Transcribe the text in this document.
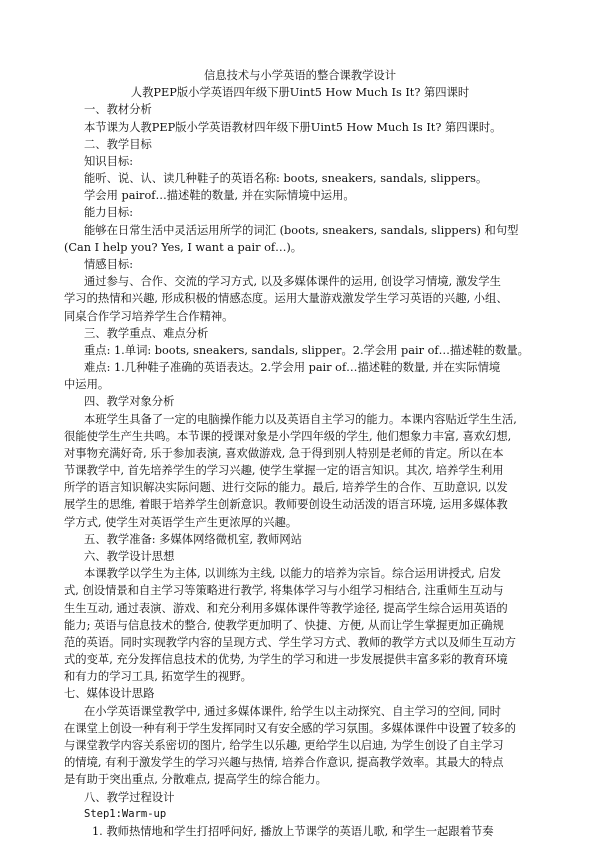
信息技术与小学英语的整合课教学设计
人教PEP版小学英语四年级下册Uint5 How Much Is It? 第四课时
一、教材分析
本节课为人教PEP版小学英语教材四年级下册Uint5 How Much Is It? 第四课时。
二、教学目标
知识目标:
能听、说、认、读几种鞋子的英语名称: boots, sneakers, sandals, slippers。
学会用 pairof…描述鞋的数量, 并在实际情境中运用。
能力目标:
能够在日常生活中灵活运用所学的词汇 (boots, sneakers, sandals, slippers) 和句型
(Can I help you? Yes, I want a pair of…)。
情感目标:
通过参与、合作、交流的学习方式, 以及多媒体课件的运用, 创设学习情境, 激发学生
学习的热情和兴趣, 形成积极的情感态度。运用大量游戏激发学生学习英语的兴趣, 小组、
同桌合作学习培养学生合作精神。
三、教学重点、难点分析
重点: 1.单词: boots, sneakers, sandals, slipper。2.学会用 pair of…描述鞋的数量。
难点: 1.几种鞋子准确的英语表达。2.学会用 pair of…描述鞋的数量, 并在实际情境
中运用。
四、教学对象分析
本班学生具备了一定的电脑操作能力以及英语自主学习的能力。本课内容贴近学生生活,
很能使学生产生共鸣。本节课的授课对象是小学四年级的学生, 他们想象力丰富, 喜欢幻想,
对事物充满好奇, 乐于参加表演, 喜欢做游戏, 急于得到别人特别是老师的肯定。所以在本
节课教学中, 首先培养学生的学习兴趣, 使学生掌握一定的语言知识。其次, 培养学生利用
所学的语言知识解决实际问题、进行交际的能力。最后, 培养学生的合作、互助意识, 以发
展学生的思维, 着眼于培养学生创新意识。教师要创设生动活泼的语言环境, 运用多媒体教
学方式, 使学生对英语学生产生更浓厚的兴趣。
五、教学准备: 多媒体网络微机室, 教师网站
六、教学设计思想
本课教学以学生为主体, 以训练为主线, 以能力的培养为宗旨。综合运用讲授式, 启发
式, 创设情景和自主学习等策略进行教学, 将集体学习与小组学习相结合, 注重师生互动与
生生互动, 通过表演、游戏、和充分利用多媒体课件等教学途径, 提高学生综合运用英语的
能力; 英语与信息技术的整合, 使教学更加明了、快捷、方便, 从而让学生掌握更加正确规
范的英语。同时实现教学内容的呈现方式、学生学习方式、教师的教学方式以及师生互动方
式的变革, 充分发挥信息技术的优势, 为学生的学习和进一步发展提供丰富多彩的教育环境
和有力的学习工具, 拓宽学生的视野。
七、媒体设计思路
在小学英语课堂教学中, 通过多媒体课件, 给学生以主动探究、自主学习的空间, 同时
在课堂上创设一种有利于学生发挥同时又有安全感的学习氛围。多媒体课件中设置了较多的
与课堂教学内容关系密切的图片, 给学生以乐趣, 更给学生以启迪, 为学生创设了自主学习
的情境, 有利于激发学生的学习兴趣与热情, 培养合作意识, 提高教学效率。其最大的特点
是有助于突出重点, 分散难点, 提高学生的综合能力。
八、教学过程设计
Step1:Warm-up
1. 教师热情地和学生打招呼问好, 播放上节课学的英语儿歌, 和学生一起跟着节奏
